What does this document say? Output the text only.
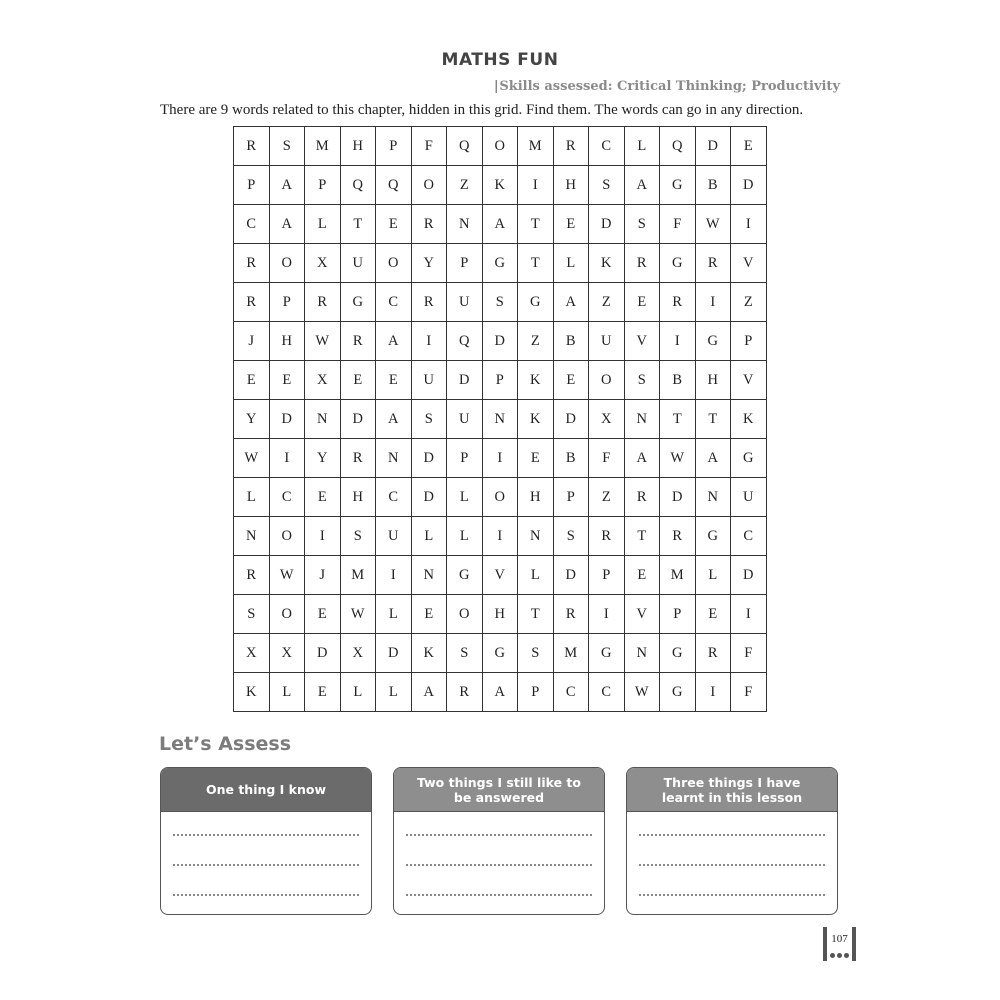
MATHS FUN
|Skills assessed: Critical Thinking; Productivity
There are 9 words related to this chapter, hidden in this grid. Find them. The words can go in any direction.
R	S	M	H	P	F	Q	O	M	R	C	L	Q	D	E
P	A	P	Q	Q	O	Z	K	I	H	S	A	G	B	D
C	A	L	T	E	R	N	A	T	E	D	S	F	W	I
R	O	X	U	O	Y	P	G	T	L	K	R	G	R	V
R	P	R	G	C	R	U	S	G	A	Z	E	R	I	Z
J	H	W	R	A	I	Q	D	Z	B	U	V	I	G	P
E	E	X	E	E	U	D	P	K	E	O	S	B	H	V
Y	D	N	D	A	S	U	N	K	D	X	N	T	T	K
W	I	Y	R	N	D	P	I	E	B	F	A	W	A	G
L	C	E	H	C	D	L	O	H	P	Z	R	D	N	U
N	O	I	S	U	L	L	I	N	S	R	T	R	G	C
R	W	J	M	I	N	G	V	L	D	P	E	M	L	D
S	O	E	W	L	E	O	H	T	R	I	V	P	E	I
X	X	D	X	D	K	S	G	S	M	G	N	G	R	F
K	L	E	L	L	A	R	A	P	C	C	W	G	I	F
Let’s Assess
One thing I know	Two things I still like to be answered
Three things I have learnt in this lesson
107
